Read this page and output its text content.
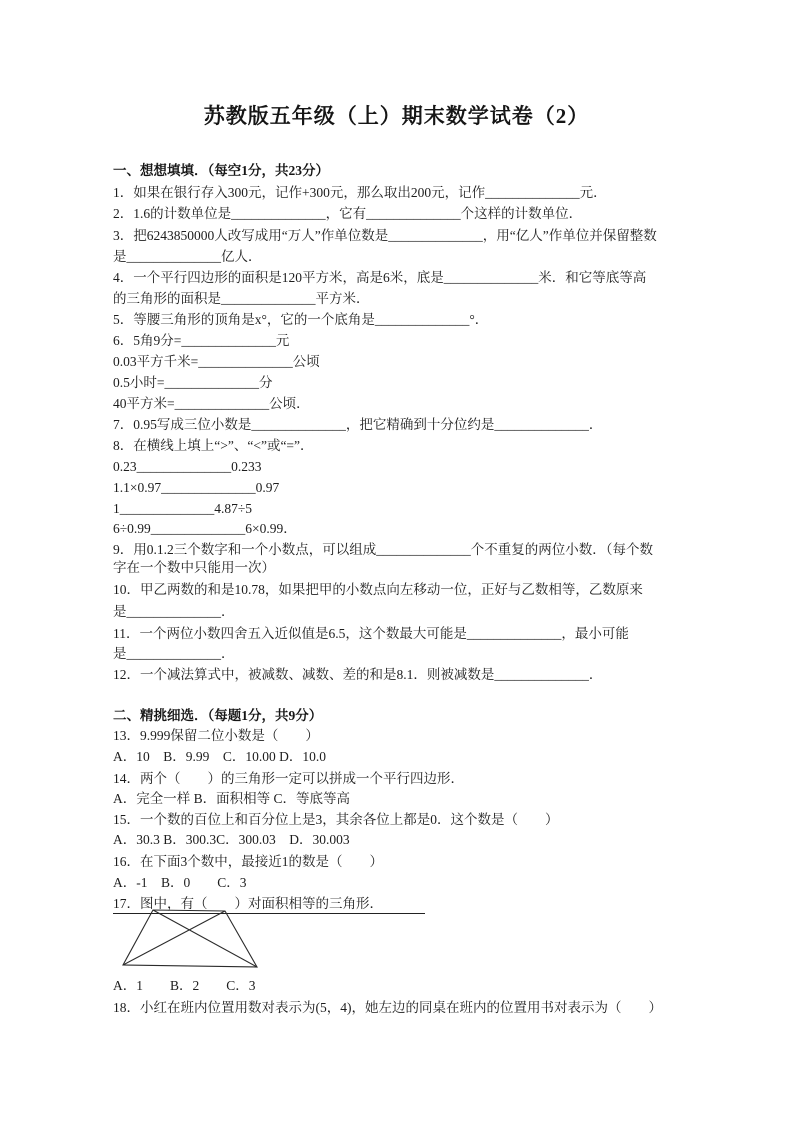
苏教版五年级（上）期末数学试卷（2）

一、想想填填．（每空1分，共23分）

1．如果在银行存入300元，记作+300元，那么取出200元，记作______________元．

2．1.6的计数单位是______________，它有______________个这样的计数单位．

3．把6243850000人改写成用“万人”作单位数是______________，用“亿人”作单位并保留整数

是______________亿人．

4．一个平行四边形的面积是120平方米，高是6米，底是______________米．和它等底等高

的三角形的面积是______________平方米．

5．等腰三角形的顶角是x°，它的一个底角是______________°．

6．5角9分=______________元

0.03平方千米=______________公顷

0.5小时=______________分

40平方米=______________公顷．

7．0.95写成三位小数是______________，把它精确到十分位约是______________．

8．在横线上填上“>”、“<”或“=”．

0.23______________0.233

1.1×0.97______________0.97

1______________4.87÷5

6÷0.99______________6×0.99．

9．用0.1.2三个数字和一个小数点，可以组成______________个不重复的两位小数．（每个数

字在一个数中只能用一次）

10．甲乙两数的和是10.78，如果把甲的小数点向左移动一位，正好与乙数相等，乙数原来

是______________．

11．一个两位小数四舍五入近似值是6.5，这个数最大可能是______________，最小可能

是______________．

12．一个减法算式中，被减数、减数、差的和是8.1．则被减数是______________．

二、精挑细选．（每题1分，共9分）

13．9.999保留二位小数是（　　）

A．10　B．9.99　C．10.00 D．10.0

14．两个（　　）的三角形一定可以拼成一个平行四边形．

A．完全一样 B．面积相等 C．等底等高

15．一个数的百位上和百分位上是3，其余各位上都是0．这个数是（　　）

A．30.3 B．300.3C．300.03　D．30.003

16．在下面3个数中，最接近1的数是（　　）

A．-1　B．0　　C．3

17．图中，有（　　）对面积相等的三角形．

A．1　　B．2　　C．3

18．小红在班内位置用数对表示为(5，4)，她左边的同桌在班内的位置用书对表示为（　　）
